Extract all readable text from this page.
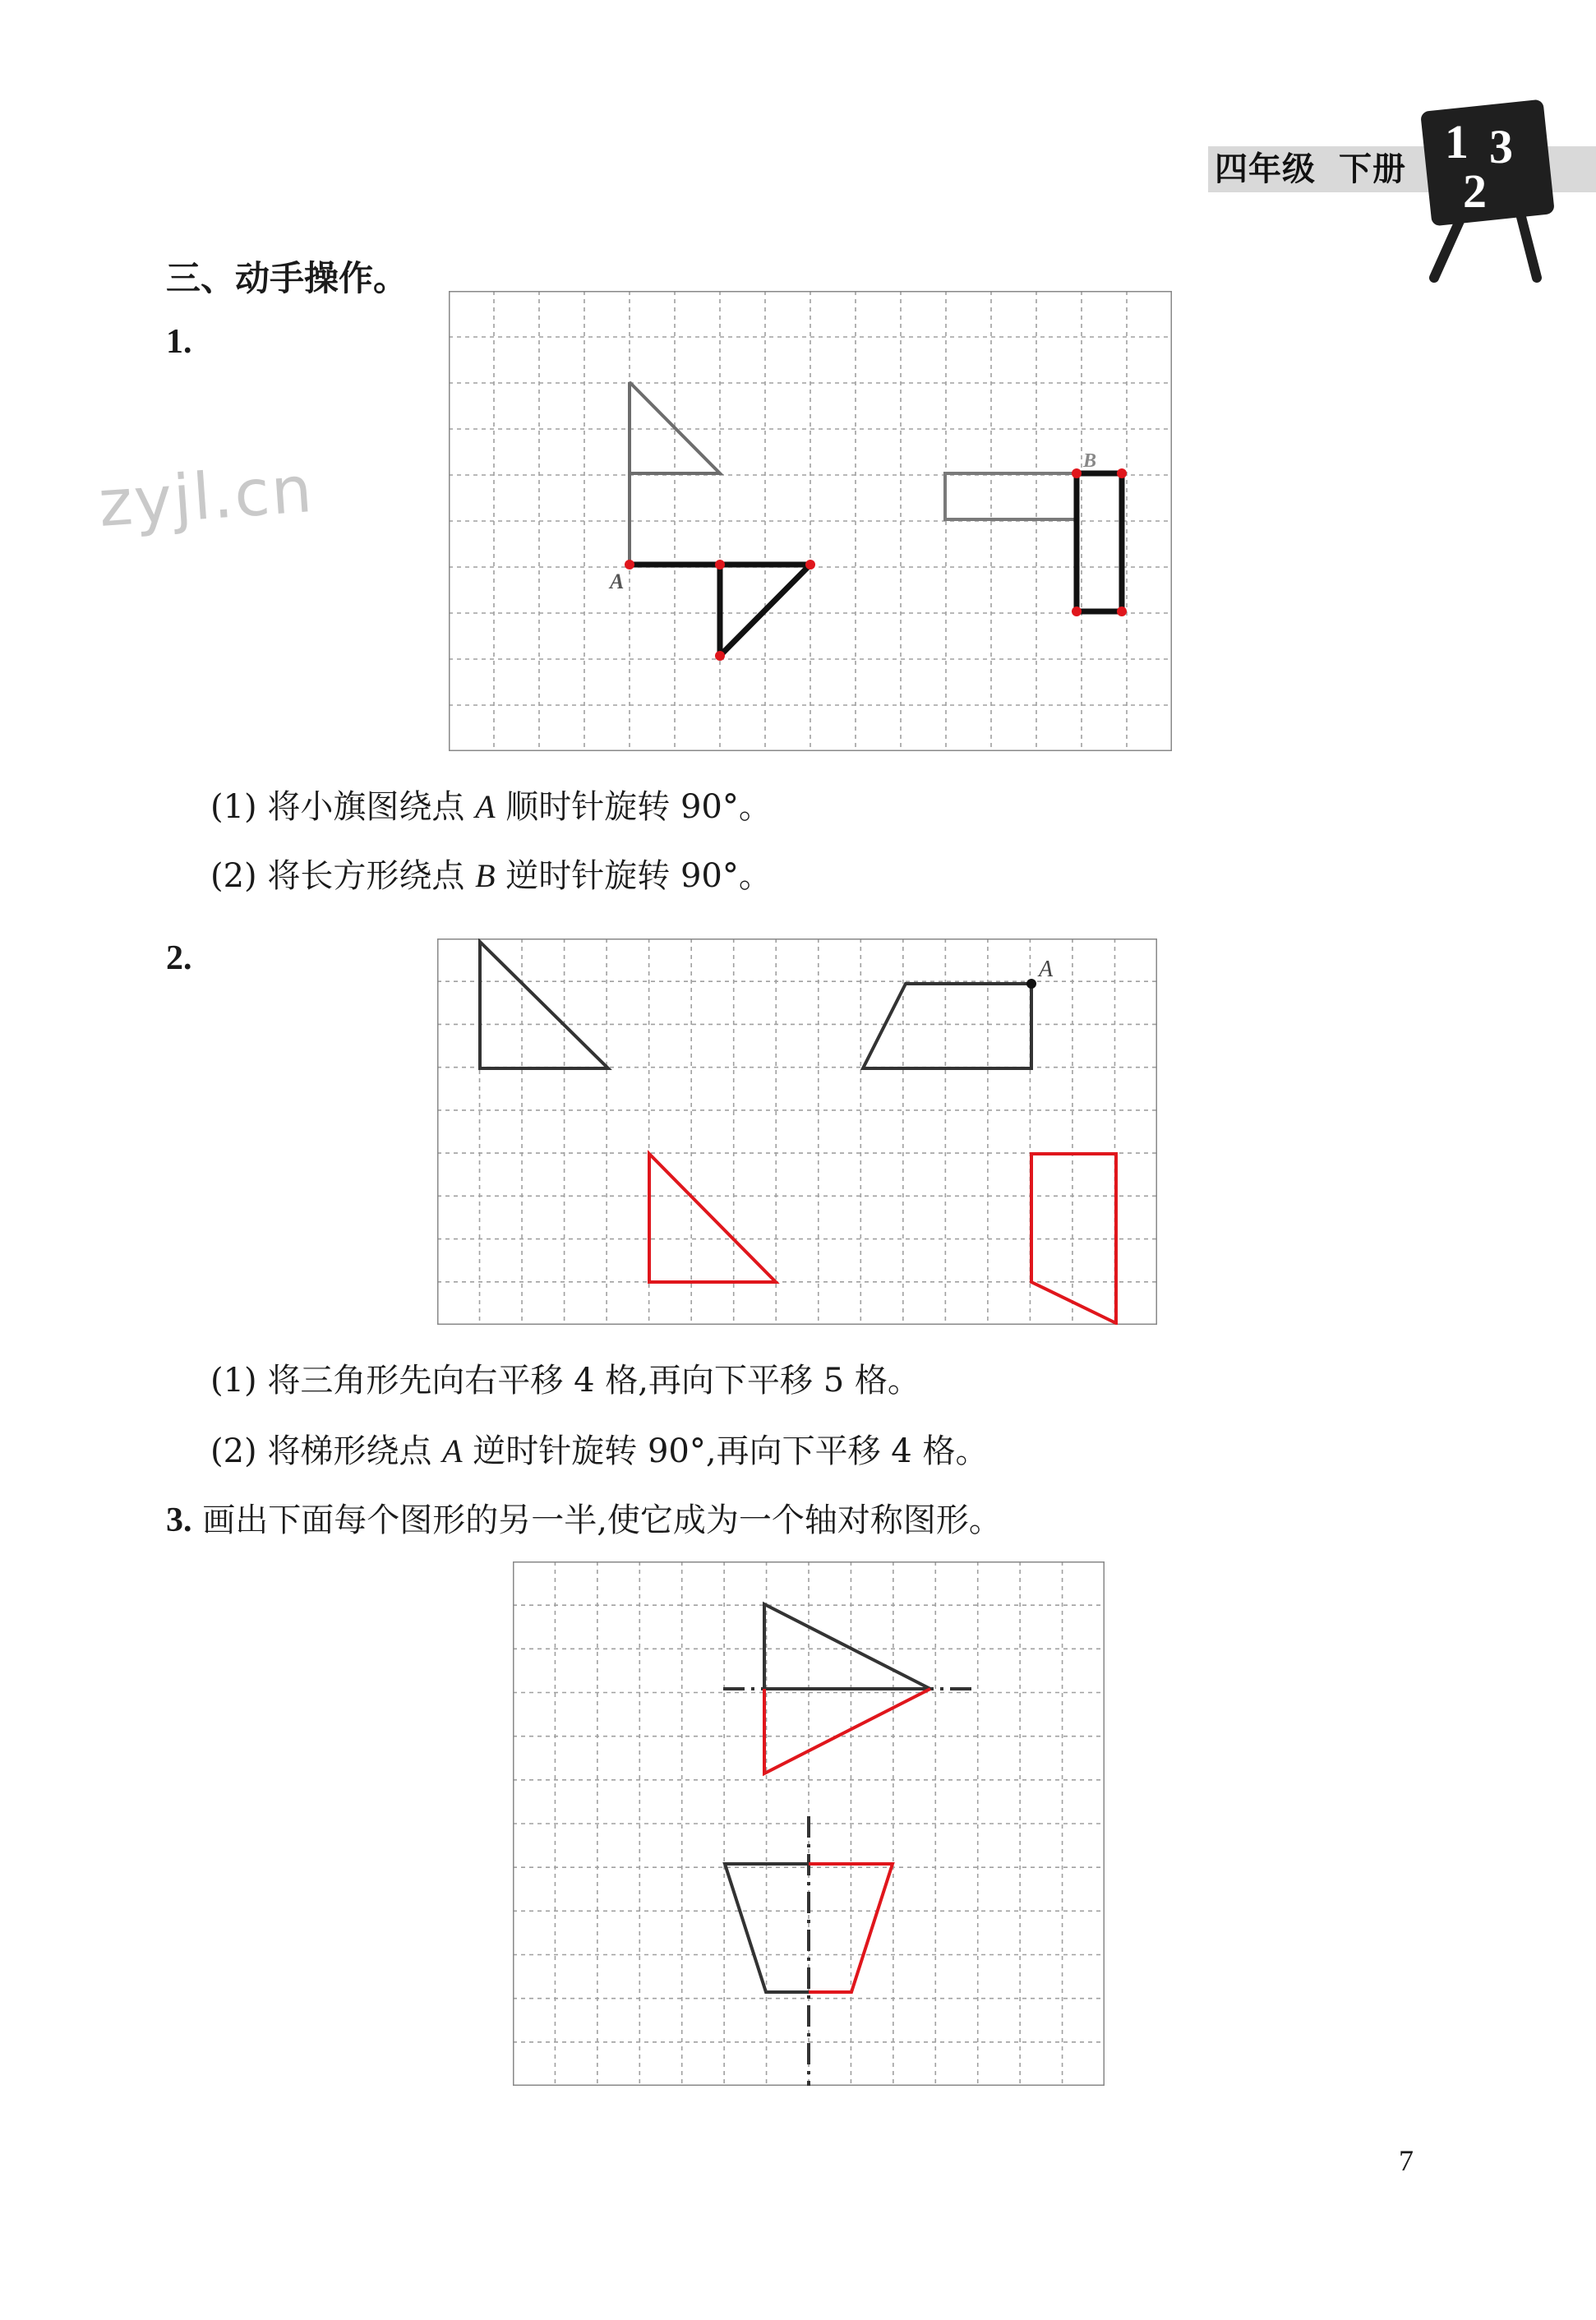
四年级 下册
1 3
2
zyjl.cn
三、动手操作。
1.
A
B
(1) 将小旗图绕点 A 顺时针旋转 90°。
(2) 将长方形绕点 B 逆时针旋转 90°。
2.	A
(1) 将三角形先向右平移 4 格,再向下平移 5 格。
(2) 将梯形绕点 A 逆时针旋转 90°,再向下平移 4 格。
3. 画出下面每个图形的另一半,使它成为一个轴对称图形。
7
